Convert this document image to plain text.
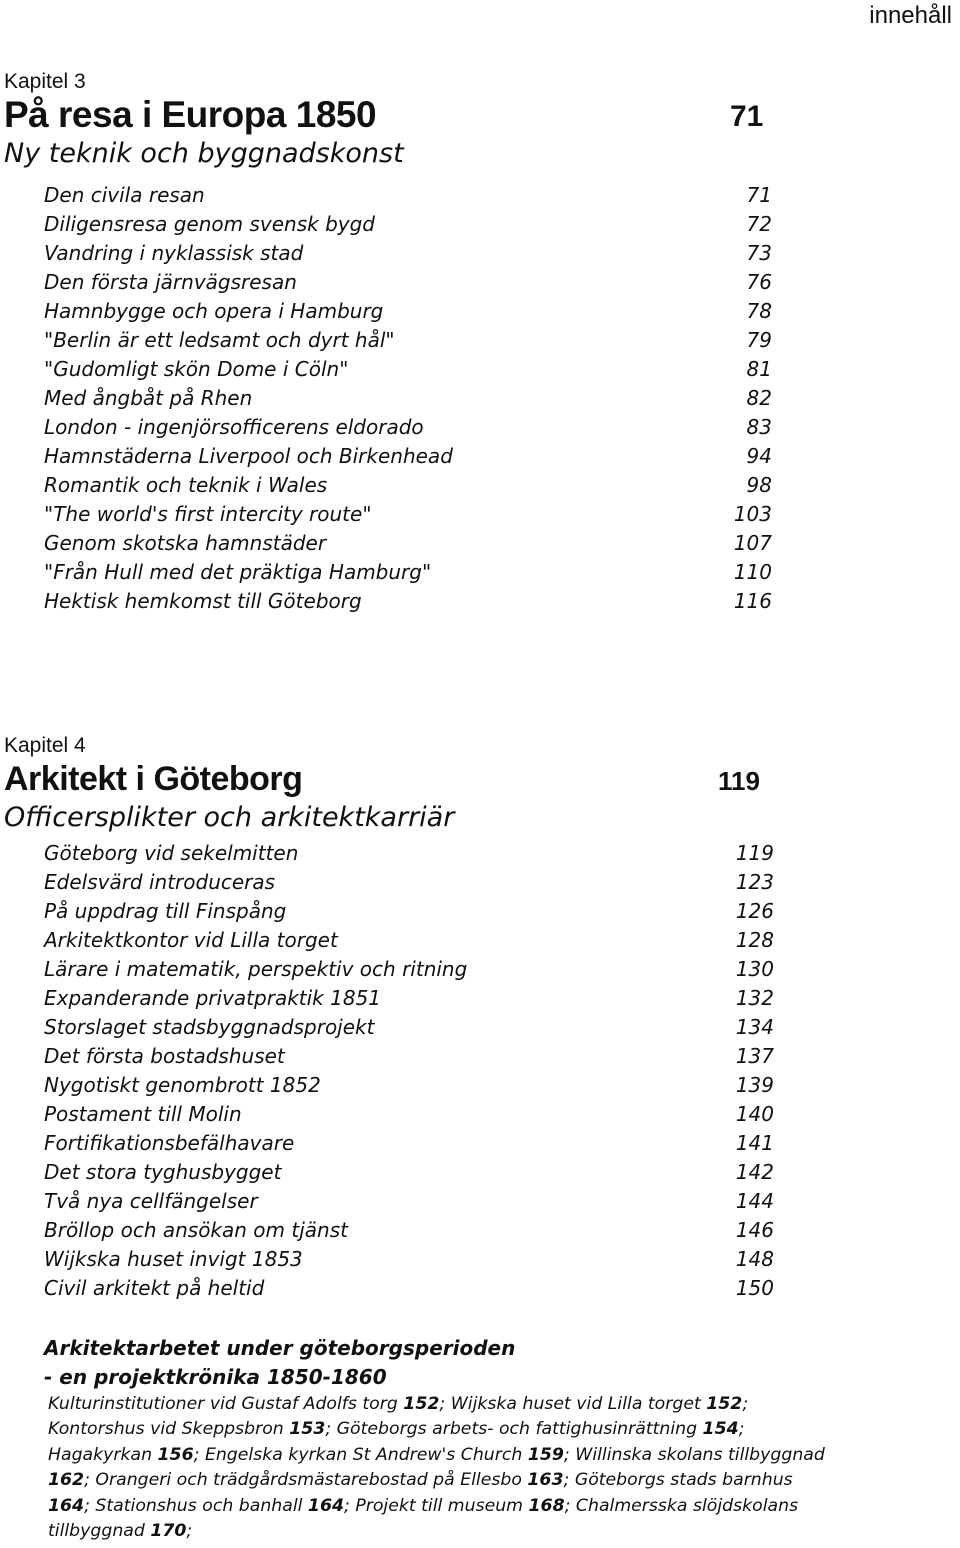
innehåll
Kapitel 3
På resa i Europa 1850	71
Ny teknik och byggnadskonst
Den civila resan	71
Diligensresa genom svensk bygd	72
Vandring i nyklassisk stad	73
Den första järnvägsresan	76
Hamnbygge och opera i Hamburg	78
"Berlin är ett ledsamt och dyrt hål"	79
"Gudomligt skön Dome i Cöln"	81
Med ångbåt på Rhen	82
London - ingenjörsofficerens eldorado	83
Hamnstäderna Liverpool och Birkenhead	94
Romantik och teknik i Wales	98
"The world's first intercity route"	103
Genom skotska hamnstäder	107
"Från Hull med det präktiga Hamburg"	110
Hektisk hemkomst till Göteborg	116
Kapitel 4
Arkitekt i Göteborg	119
Officersplikter och arkitektkarriär
Göteborg vid sekelmitten	119
Edelsvärd introduceras	123
På uppdrag till Finspång	126
Arkitektkontor vid Lilla torget	128
Lärare i matematik, perspektiv och ritning	130
Expanderande privatpraktik 1851	132
Storslaget stadsbyggnadsprojekt	134
Det första bostadshuset	137
Nygotiskt genombrott 1852	139
Postament till Molin	140
Fortifikationsbefälhavare	141
Det stora tyghusbygget	142
Två nya cellfängelser	144
Bröllop och ansökan om tjänst	146
Wijkska huset invigt 1853	148
Civil arkitekt på heltid	150
Arkitektarbetet under göteborgsperioden
- en projektkrönika 1850-1860
Kulturinstitutioner vid Gustaf Adolfs torg 152; Wijkska huset vid Lilla torget 152; Kontorshus vid Skeppsbron 153; Göteborgs arbets- och fattighusinrättning 154; Hagakyrkan 156; Engelska kyrkan St Andrew's Church 159; Willinska skolans tillbyggnad 162; Orangeri och trädgårdsmästarebostad på Ellesbo 163; Göteborgs stads barnhus 164; Stationshus och banhall 164; Projekt till museum 168; Chalmersska slöjdskolans tillbyggnad 170;
